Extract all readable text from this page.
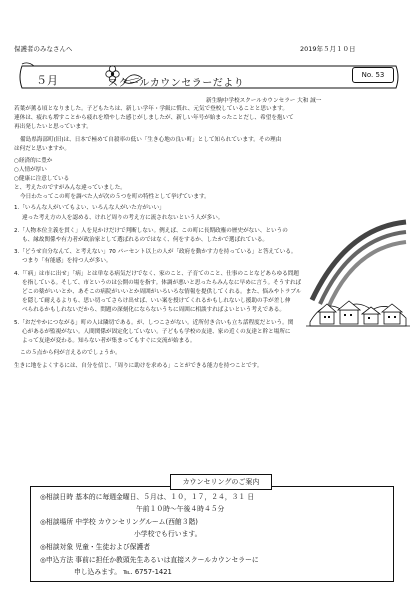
保護者のみなさんへ	2019年５月１０日
５月	スクールカウンセラーだより
No. 53
新生駒中学校スクールカウンセラー 大和 誠一
若葉が薫る頃となりました。子どもたちは、新しい学年・学級に慣れ、元気で登校していることと思います。
連休は、疲れも増すことから疲れを増やした感じがしましたが、新しい年号が始まったことだし、希望を抱いて
再出発したいと思っています。
備島県海部町(旧)は、日本で極めて自殺率の低い「生き心地の良い町」として知られています。その理由
は何だと思いますか。
○経済的に豊か
○人情が厚い
○健康に注意している
と、考えたのですがみんな違っていました。
今日わたってこの町を調べた人が次の５つを町の特性として挙げています。
1.「いろんな人がいてもよい、いろんな人がいた方がいい」
違った考え方の人を認める、けれど周りの考え方に流されないという人が多い。
2.「人物本位主義を貫く」人を見かけだけで判断しない。例えば、この町に長期政権の歴史がない、というの
も、縁故関係や有力者が政治家として選ばれるのではなく、何をするか、したかで選ばれている。
3.「どうせ自分なんて、と考えない」70 パーセント以上の人が「政府を動かす力を持っている」と答えている。
つまり「有能感」を持つ人が多い。
4.「「病」は市に出せ」「病」とは単なる病気だけでなく、家のこと、子育てのこと、仕事のことなどあらゆる問題
を指している。そして、市というのは公開の場を指す。体調が悪いと思ったらみんなに早めに言う。そうすれば
どこの薬がいいとか、あそこの病院がいいとか周囲がいろいろな情報を提供してくれる。また、悩みやトラブル
を隠して耐えるよりも、思い切ってさらけ出せば、いい案を授けてくれるかもしれないし援助の手が差し伸
べられるかもしれないだから、問題の深刻化にならないうちに周囲に相談すればよいという考えである。
5.「おだやかにつながる」町の人は隣切である。が、しつこさがない。近所付き合いも立ち話程度だという。関
心があるが監視がない。人間関係が固定化していない。子どもも学校の友達、家の近くの友達と幹と場所に
よって友達が変わる。知らない者が集まってもすぐに交流が始まる。
この５点から何が言えるのでしょうか。
生きに地をよくするには、自分を信じ、「周りに助けを求める」ことができる能力を持つことです。
カウンセリングのご案内
◎相談日時 基本的に毎週金曜日、５月は、１０，１７，２４，３１ 日
午前１０時～午後４時４５分
◎相談場所 中学校 カウンセリングルーム(西館３階)
小学校でも行います。
◎相談対象 児童・生徒および保護者
◎申込方法 事前に担任か教頭先生あるいは直接スクールカウンセラーに
申し込みます。 ℡. 6757-1421
